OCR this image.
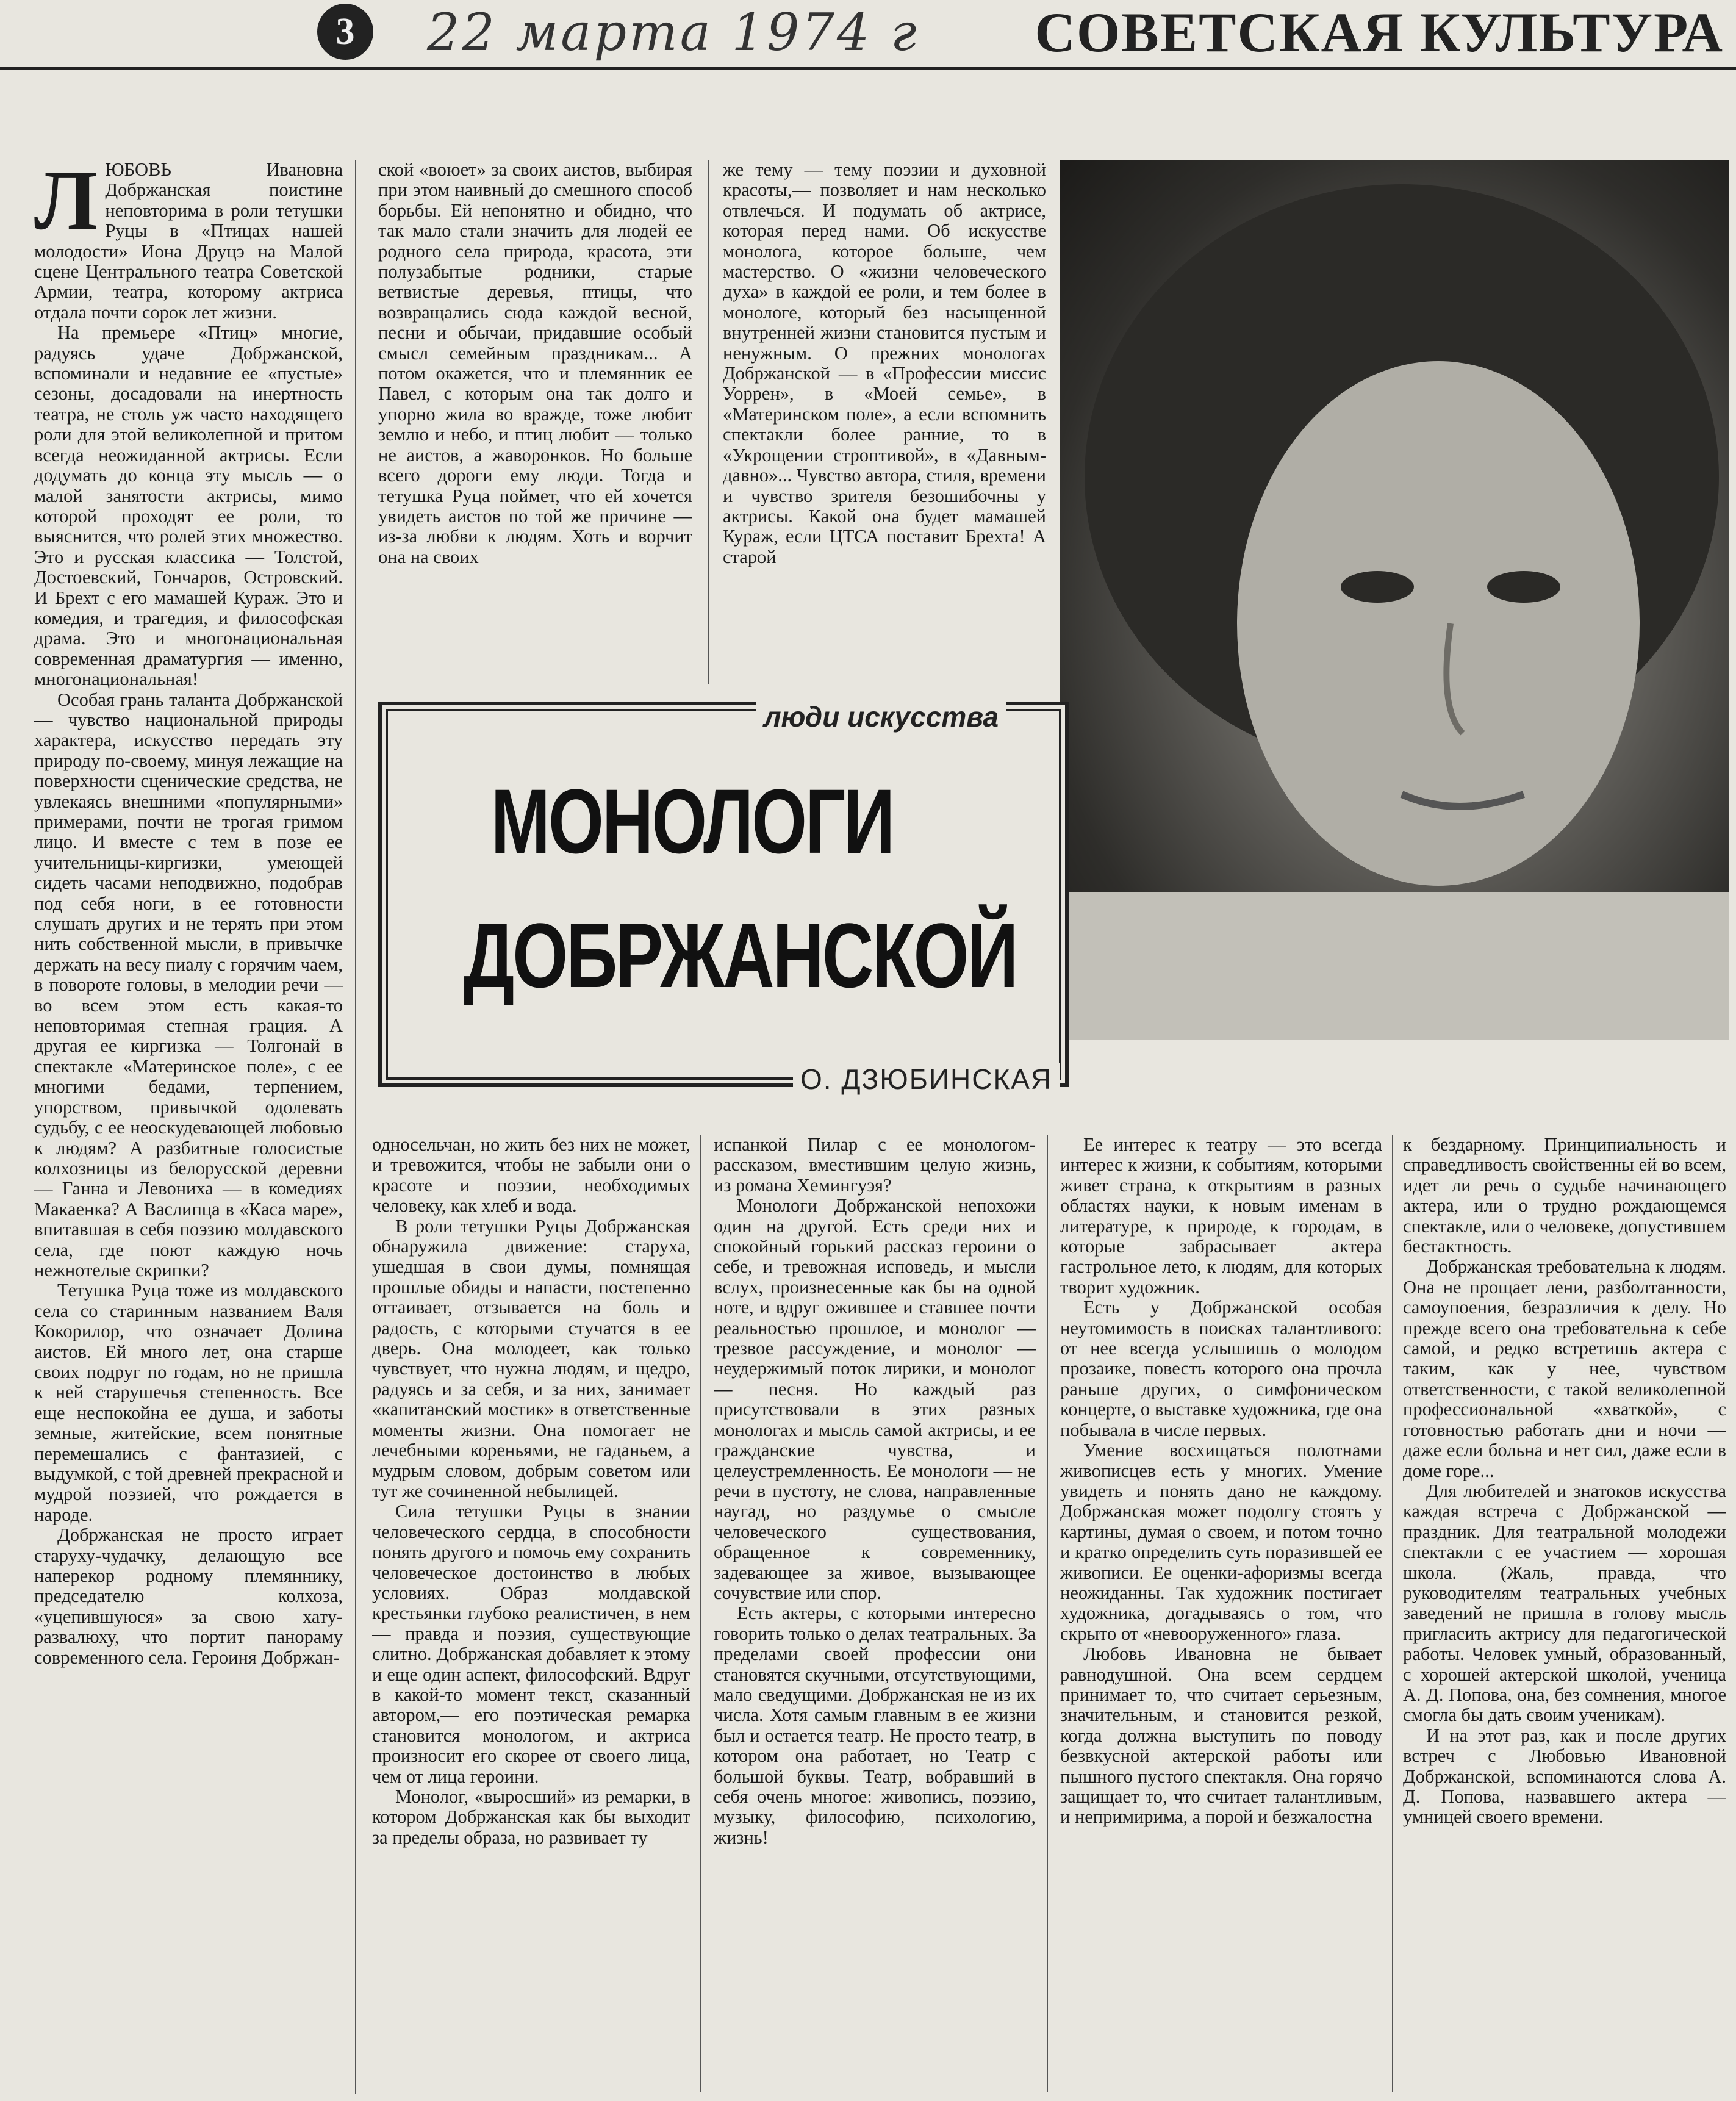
3	22 марта 1974 г СОВЕТСКАЯ КУЛЬТУРА
Л ЮБОВЬ Ивановна Добржанская поистине неповторима в роли тетушки Руцы в «Птицах нашей молодости» Иона Друцэ на Малой сцене Центрального театра Советской Армии, театра, которому актриса отдала почти сорок лет жизни.

На премьере «Птиц» многие, радуясь удаче Добржанской, вспоминали и недавние ее «пустые» сезоны, досадовали на инертность театра, не столь уж часто находящего роли для этой великолепной и притом всегда неожиданной актрисы. Если додумать до конца эту мысль — о малой занятости актрисы, мимо которой проходят ее роли, то выяснится, что ролей этих множество. Это и русская классика — Толстой, Достоевский, Гончаров, Островский. И Брехт с его мамашей Кураж. Это и комедия, и трагедия, и философская драма. Это и многонациональная современная драматургия — именно, многонациональная!

Особая грань таланта Добржанской — чувство национальной природы характера, искусство передать эту природу по-своему, минуя лежащие на поверхности сценические средства, не увлекаясь внешними «популярными» примерами, почти не трогая гримом лицо. И вместе с тем в позе ее учительницы-киргизки, умеющей сидеть часами неподвижно, подобрав под себя ноги, в ее готовности слушать других и не терять при этом нить собственной мысли, в привычке держать на весу пиалу с горячим чаем, в повороте головы, в мелодии речи — во всем этом есть какая-то неповторимая степная грация. А другая ее киргизка — Толгонай в спектакле «Материнское поле», с ее многими бедами, терпением, упорством, привычкой одолевать судьбу, с ее неоскудевающей любовью к людям? А разбитные голосистые колхозницы из белорусской деревни — Ганна и Левониха — в комедиях Макаенка? А Васлипца в «Каса маре», впитавшая в себя поэзию молдавского села, где поют каждую ночь нежнотелые скрипки?

Тетушка Руца тоже из молдавского села со старинным названием Валя Кокорилор, что означает Долина аистов. Ей много лет, она старше своих подруг по годам, но не пришла к ней старушечья степенность. Все еще неспокойна ее душа, и заботы земные, житейские, всем понятные перемешались с фантазией, с выдумкой, с той древней прекрасной и мудрой поэзией, что рождается в народе.

Добржанская не просто играет старуху-чудачку, делающую все наперекор родному племяннику, председателю колхоза, «уцепившуюся» за свою хату-развалюху, что портит панораму современного села. Героиня Добржан-

ской «воюет» за своих аистов, выбирая при этом наивный до смешного способ борьбы. Ей непонятно и обидно, что так мало стали значить для людей ее родного села природа, красота, эти полузабытые родники, старые ветвистые деревья, птицы, что возвращались сюда каждой весной, песни и обычаи, придавшие особый смысл семейным праздникам... А потом окажется, что и племянник ее Павел, с которым она так долго и упорно жила во вражде, тоже любит землю и небо, и птиц любит — только не аистов, а жаворонков. Но больше всего дороги ему люди. Тогда и тетушка Руца поймет, что ей хочется увидеть аистов по той же причине — из-за любви к людям. Хоть и ворчит она на своих

же тему — тему поэзии и духовной красоты,— позволяет и нам несколько отвлечься. И подумать об актрисе, которая перед нами. Об искусстве монолога, которое больше, чем мастерство. О «жизни человеческого духа» в каждой ее роли, и тем более в монологе, который без насыщенной внутренней жизни становится пустым и ненужным. О прежних монологах Добржанской — в «Профессии миссис Уоррен», в «Моей семье», в «Материнском поле», а если вспомнить спектакли более ранние, то в «Укрощении строптивой», в «Давным-давно»... Чувство автора, стиля, времени и чувство зрителя безошибочны у актрисы. Какой она будет мамашей Кураж, если ЦТСА поставит Брехта! А старой

люди искусства
МОНОЛОГИ
ДОБРЖАНСКОЙ
О. ДЗЮБИНСКАЯ

односельчан, но жить без них не может, и тревожится, чтобы не забыли они о красоте и поэзии, необходимых человеку, как хлеб и вода.

В роли тетушки Руцы Добржанская обнаружила движение: старуха, ушедшая в свои думы, помнящая прошлые обиды и напасти, постепенно оттаивает, отзывается на боль и радость, с которыми стучатся в ее дверь. Она молодеет, как только чувствует, что нужна людям, и щедро, радуясь и за себя, и за них, занимает «капитанский мостик» в ответственные моменты жизни. Она помогает не лечебными кореньями, не гаданьем, а мудрым словом, добрым советом или тут же сочиненной небылицей.

Сила тетушки Руцы в знании человеческого сердца, в способности понять другого и помочь ему сохранить человеческое достоинство в любых условиях. Образ молдавской крестьянки глубоко реалистичен, в нем — правда и поэзия, существующие слитно. Добржанская добавляет к этому и еще один аспект, философский. Вдруг в какой-то момент текст, сказанный автором,— его поэтическая ремарка становится монологом, и актриса произносит его скорее от своего лица, чем от лица героини.

Монолог, «выросший» из ремарки, в котором Добржанская как бы выходит за пределы образа, но развивает ту

испанкой Пилар с ее монологом-рассказом, вместившим целую жизнь, из романа Хемингуэя?

Монологи Добржанской непохожи один на другой. Есть среди них и спокойный горький рассказ героини о себе, и тревожная исповедь, и мысли вслух, произнесенные как бы на одной ноте, и вдруг ожившее и ставшее почти реальностью прошлое, и монолог — трезвое рассуждение, и монолог — неудержимый поток лирики, и монолог — песня. Но каждый раз присутствовали в этих разных монологах и мысль самой актрисы, и ее гражданские чувства, и целеустремленность. Ее монологи — не речи в пустоту, не слова, направленные наугад, но раздумье о смысле человеческого существования, обращенное к современнику, задевающее за живое, вызывающее сочувствие или спор.

Есть актеры, с которыми интересно говорить только о делах театральных. За пределами своей профессии они становятся скучными, отсутствующими, мало сведущими. Добржанская не из их числа. Хотя самым главным в ее жизни был и остается театр. Не просто театр, в котором она работает, но Театр с большой буквы. Театр, вобравший в себя очень многое: живопись, поэзию, музыку, философию, психологию, жизнь!

Ее интерес к театру — это всегда интерес к жизни, к событиям, которыми живет страна, к открытиям в разных областях науки, к новым именам в литературе, к природе, к городам, в которые забрасывает актера гастрольное лето, к людям, для которых творит художник.

Есть у Добржанской особая неутомимость в поисках талантливого: от нее всегда услышишь о молодом прозаике, повесть которого она прочла раньше других, о симфоническом концерте, о выставке художника, где она побывала в числе первых.

Умение восхищаться полотнами живописцев есть у многих. Умение увидеть и понять дано не каждому. Добржанская может подолгу стоять у картины, думая о своем, и потом точно и кратко определить суть поразившей ее живописи. Ее оценки-афоризмы всегда неожиданны. Так художник постигает художника, догадываясь о том, что скрыто от «невооруженного» глаза.

Любовь Ивановна не бывает равнодушной. Она всем сердцем принимает то, что считает серьезным, значительным, и становится резкой, когда должна выступить по поводу безвкусной актерской работы или пышного пустого спектакля. Она горячо защищает то, что считает талантливым, и непримирима, а порой и безжалостна

к бездарному. Принципиальность и справедливость свойственны ей во всем, идет ли речь о судьбе начинающего актера, или о трудно рождающемся спектакле, или о человеке, допустившем бестактность.

Добржанская требовательна к людям. Она не прощает лени, разболтанности, самоупоения, безразличия к делу. Но прежде всего она требовательна к себе самой, и редко встретишь актера с таким, как у нее, чувством ответственности, с такой великолепной профессиональной «хваткой», с готовностью работать дни и ночи — даже если больна и нет сил, даже если в доме горе...

Для любителей и знатоков искусства каждая встреча с Добржанской — праздник. Для театральной молодежи спектакли с ее участием — хорошая школа. (Жаль, правда, что руководителям театральных учебных заведений не пришла в голову мысль пригласить актрису для педагогической работы. Человек умный, образованный, с хорошей актерской школой, ученица А. Д. Попова, она, без сомнения, многое смогла бы дать своим ученикам).

И на этот раз, как и после других встреч с Любовью Ивановной Добржанской, вспоминаются слова А. Д. Попова, назвавшего актера — умницей своего времени.
